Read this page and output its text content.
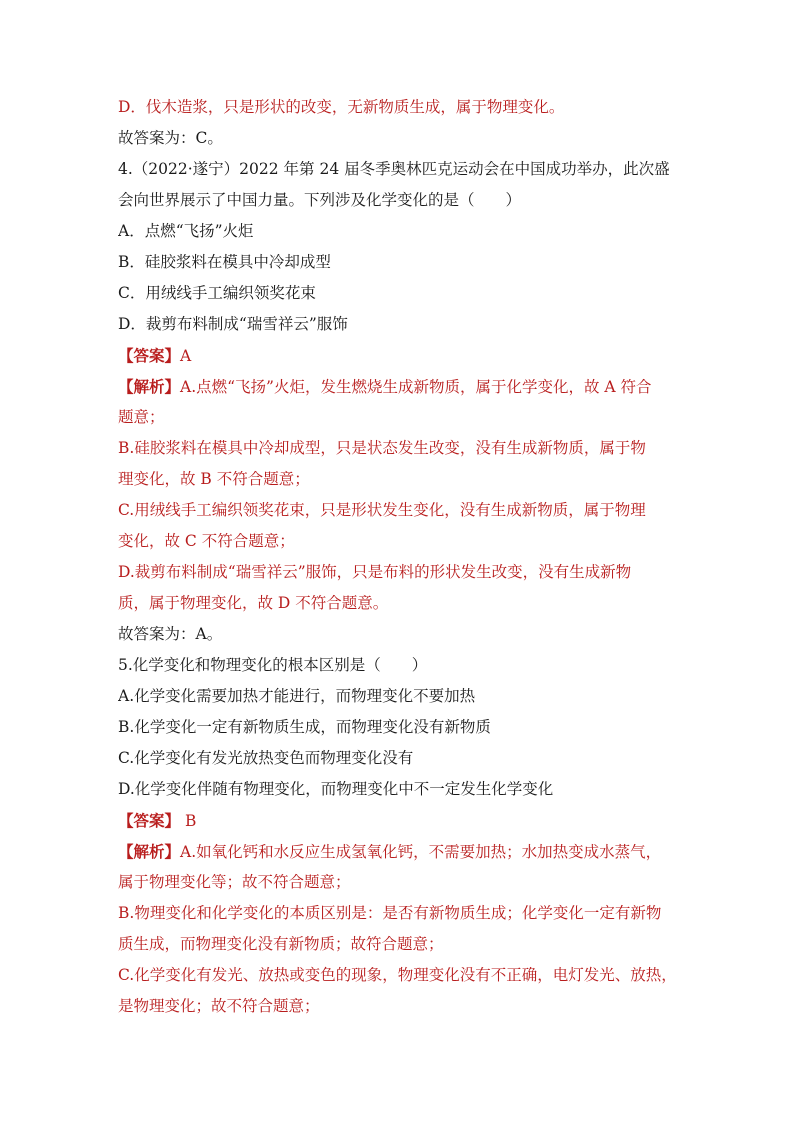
D．伐木造浆，只是形状的改变，无新物质生成，属于物理变化。
故答案为：C。
4.（2022·遂宁）2022 年第 24 届冬季奥林匹克运动会在中国成功举办，此次盛
会向世界展示了中国力量。下列涉及化学变化的是（　　）
A．点燃“飞扬”火炬
B．硅胶浆料在模具中冷却成型
C．用绒线手工编织领奖花束
D．裁剪布料制成“瑞雪祥云”服饰
【答案】A
【解析】A.点燃“飞扬”火炬，发生燃烧生成新物质，属于化学变化，故 A 符合
题意；
B.硅胶浆料在模具中冷却成型，只是状态发生改变，没有生成新物质，属于物
理变化，故 B 不符合题意；
C.用绒线手工编织领奖花束，只是形状发生变化，没有生成新物质，属于物理
变化，故 C 不符合题意；
D.裁剪布料制成“瑞雪祥云”服饰，只是布料的形状发生改变，没有生成新物
质，属于物理变化，故 D 不符合题意。
故答案为：A。
5.化学变化和物理变化的根本区别是（　　）
A.化学变化需要加热才能进行，而物理变化不要加热
B.化学变化一定有新物质生成，而物理变化没有新物质
C.化学变化有发光放热变色而物理变化没有
D.化学变化伴随有物理变化，而物理变化中不一定发生化学变化
【答案】 B
【解析】A.如氧化钙和水反应生成氢氧化钙，不需要加热；水加热变成水蒸气，
属于物理变化等；故不符合题意；
B.物理变化和化学变化的本质区别是：是否有新物质生成；化学变化一定有新物
质生成，而物理变化没有新物质；故符合题意；
C.化学变化有发光、放热或变色的现象，物理变化没有不正确，电灯发光、放热，
是物理变化；故不符合题意；
